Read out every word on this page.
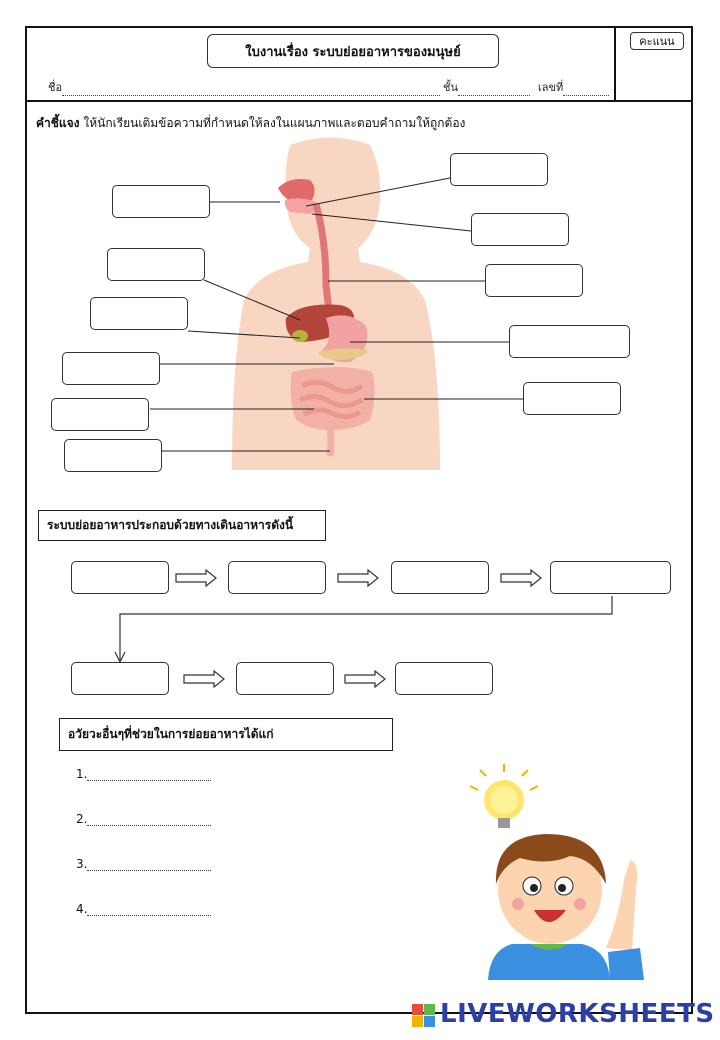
ใบงานเรื่อง ระบบย่อยอาหารของมนุษย์
คะแนน
ชื่อ	ชั้น	เลขที่
คำชี้แจง ให้นักเรียนเติมข้อความที่กำหนดให้ลงในแผนภาพและตอบคำถามให้ถูกต้อง
ระบบย่อยอาหารประกอบด้วยทางเดินอาหารดังนี้
อวัยวะอื่นๆที่ช่วยในการย่อยอาหารได้แก่
1.
2.
3.
4.
LIVEWORKSHEETS
